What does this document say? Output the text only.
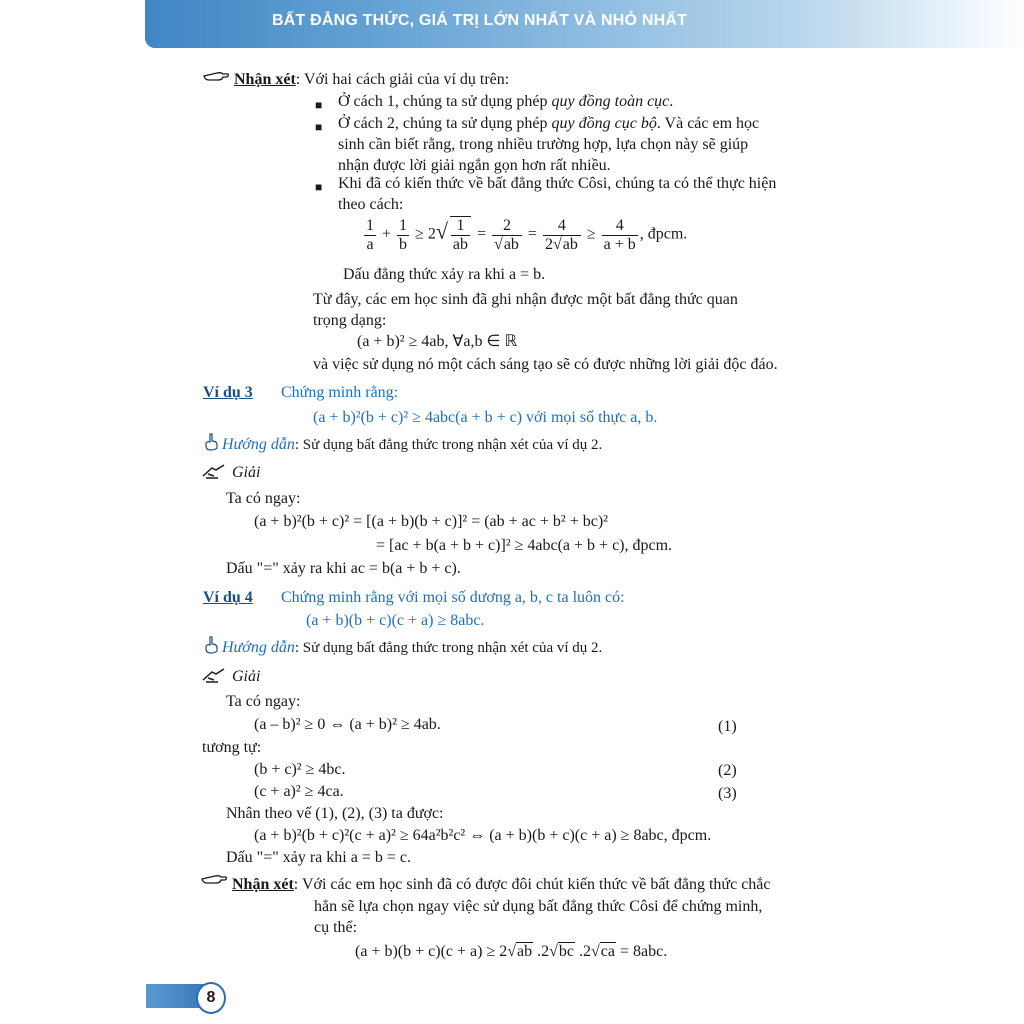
BẤT ĐẲNG THỨC, GIÁ TRỊ LỚN NHẤT VÀ NHỎ NHẤT
Nhận xét: Với hai cách giải của ví dụ trên:
■ Ở cách 1, chúng ta sử dụng phép quy đồng toàn cục.
■ Ở cách 2, chúng ta sử dụng phép quy đồng cục bộ. Và các em học
sinh cần biết rằng, trong nhiều trường hợp, lựa chọn này sẽ giúp
nhận được lời giải ngắn gọn hơn rất nhiều.
■ Khi đã có kiến thức về bất đẳng thức Côsi, chúng ta có thể thực hiện
theo cách:
$\frac{1}{a} + \frac{1}{b} \ge 2√ \frac{1}{ab} = \frac{2}{√ab} = \frac{4}{2√ab} \ge \frac{4}{a + b}$ , đpcm.
Dấu đẳng thức xảy ra khi a = b.
Từ đây, các em học sinh đã ghi nhận được một bất đẳng thức quan
trọng dạng:
(a + b)² ≥ 4ab, ∀a,b ∈ ℝ
và việc sử dụng nó một cách sáng tạo sẽ có được những lời giải độc đáo.
Ví dụ 3 Chứng minh rằng:
(a + b)²(b + c)² ≥ 4abc(a + b + c) với mọi số thực a, b.
Hướng dẫn: Sử dụng bất đẳng thức trong nhận xét của ví dụ 2.
Giải
Ta có ngay:
(a + b)²(b + c)² = [(a + b)(b + c)]² = (ab + ac + b² + bc)²
= [ac + b(a + b + c)]² ≥ 4abc(a + b + c), đpcm.
Dấu "=" xảy ra khi ac = b(a + b + c).
Ví dụ 4 Chứng minh rằng với mọi số dương a, b, c ta luôn có:
(a + b)(b + c)(c + a) ≥ 8abc.
Hướng dẫn: Sử dụng bất đẳng thức trong nhận xét của ví dụ 2.
Giải
Ta có ngay:
(a – b)² ≥ 0 ⇔ (a + b)² ≥ 4ab.	(1)
tương tự:
(b + c)² ≥ 4bc.	(2)
(c + a)² ≥ 4ca.	(3)
Nhân theo vế (1), (2), (3) ta được:
(a + b)²(b + c)²(c + a)² ≥ 64a²b²c² ⇔ (a + b)(b + c)(c + a) ≥ 8abc, đpcm.
Dấu "=" xảy ra khi a = b = c.
Nhận xét: Với các em học sinh đã có được đôi chút kiến thức về bất đẳng thức chắc
hẳn sẽ lựa chọn ngay việc sử dụng bất đẳng thức Côsi để chứng minh,
cụ thể:
(a + b)(b + c)(c + a) ≥ 2√ab .2√bc .2√ca = 8abc.
8
